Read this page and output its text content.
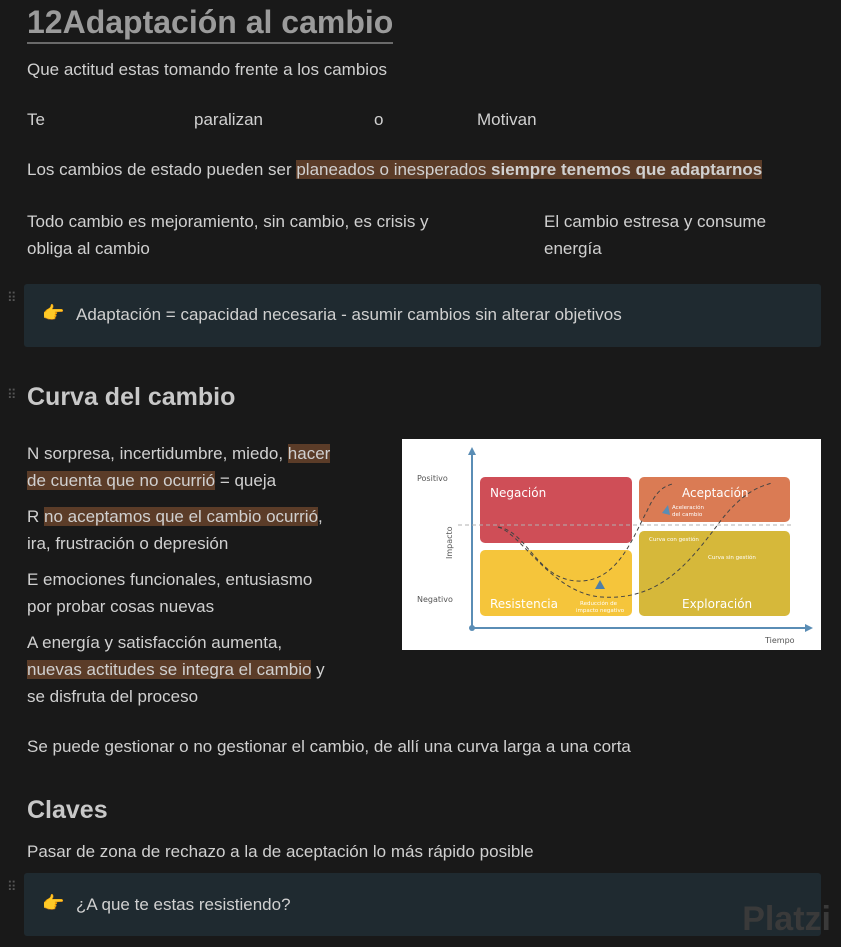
12Adaptación al cambio
Que actitud estas tomando frente a los cambios
Te	paralizan	o	Motivan
Los cambios de estado pueden ser planeados o inesperados siempre tenemos que adaptarnos
Todo cambio es mejoramiento, sin cambio, es crisis y
obliga al cambio
El cambio estresa y consume
energía
⠿
👉 Adaptación = capacidad necesaria - asumir cambios sin alterar objetivos
⠿ Curva del cambio
N sorpresa, incertidumbre, miedo, hacer
de cuenta que no ocurrió = queja
R no aceptamos que el cambio ocurrió,
ira, frustración o depresión
E emociones funcionales, entusiasmo
por probar cosas nuevas
A energía y satisfacción aumenta,
nuevas actitudes se integra el cambio y
se disfruta del proceso
Positivo
Negativo
Impacto
Tiempo
Negación	Aceptación
Resistencia	Exploración
Aceleración
del cambio
Curva con gestión
Curva sin gestión
Reducción de
impacto negativo
Se puede gestionar o no gestionar el cambio, de allí una curva larga a una corta
Claves
Pasar de zona de rechazo a la de aceptación lo más rápido posible
⠿
👉 ¿A que te estas resistiendo?	Platzi
